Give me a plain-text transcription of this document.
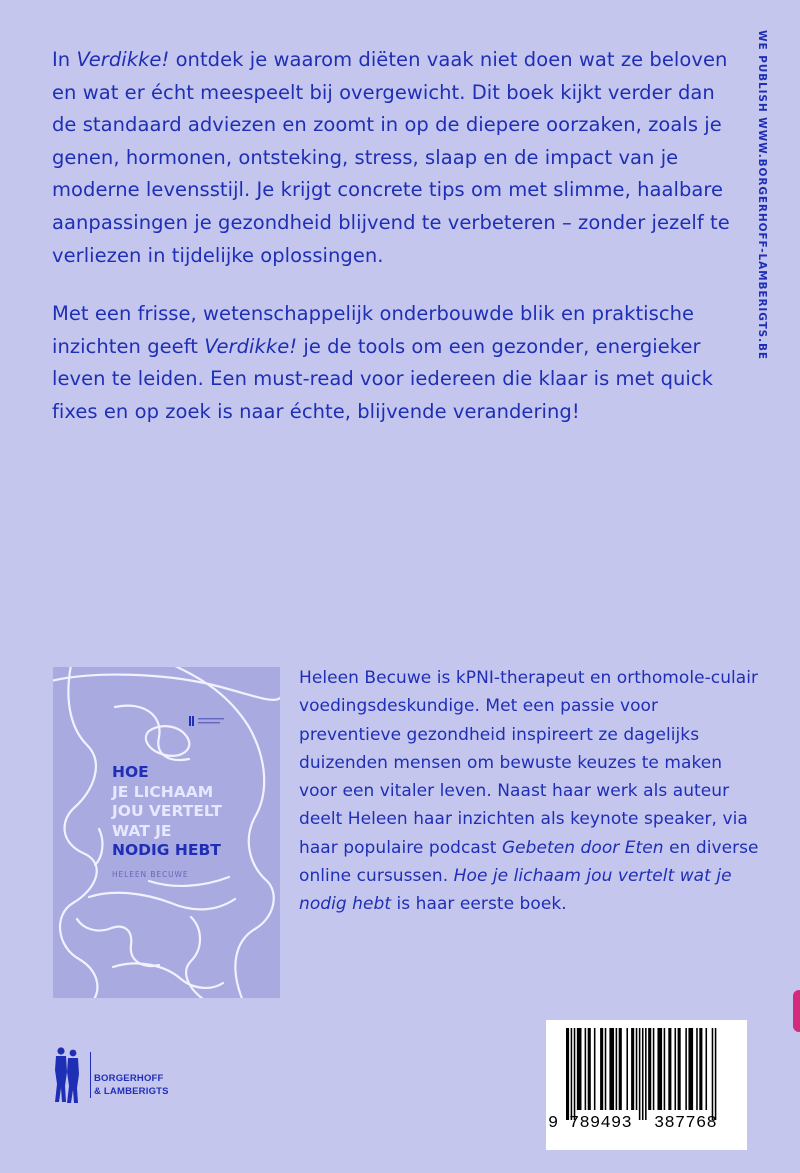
In Verdikke! ontdek je waarom diëten vaak niet doen wat ze beloven en wat er écht meespeelt bij overgewicht. Dit boek kijkt verder dan de standaard adviezen en zoomt in op de diepere oorzaken, zoals je genen, hormonen, ontsteking, stress, slaap en de impact van je moderne levensstijl. Je krijgt concrete tips om met slimme, haalbare aanpassingen je gezondheid blijvend te verbeteren – zonder jezelf te verliezen in tijdelijke oplossingen.

Met een frisse, wetenschappelijk onderbouwde blik en praktische inzichten geeft Verdikke! je de tools om een gezonder, energieker leven te leiden. Een must-read voor iedereen die klaar is met quick fixes en op zoek is naar échte, blijvende verandering!

WE PUBLISH WWW.BORGERHOFF-LAMBERIGTS.BE
HOE
JE LICHAAM
JOU VERTELT
WAT JE
NODIG HEBT
HELEEN BECUWE

Heleen Becuwe is kPNI-therapeut en orthomole-culair voedingsdeskundige. Met een passie voor preventieve gezondheid inspireert ze dagelijks duizenden mensen om bewuste keuzes te maken voor een vitaler leven. Naast haar werk als auteur deelt Heleen haar inzichten als keynote speaker, via haar populaire podcast Gebeten door Eten en diverse online cursussen. Hoe je lichaam jou vertelt wat je nodig hebt is haar eerste boek.

BORGERHOFF
& LAMBERIGTS
9 789493 387768
